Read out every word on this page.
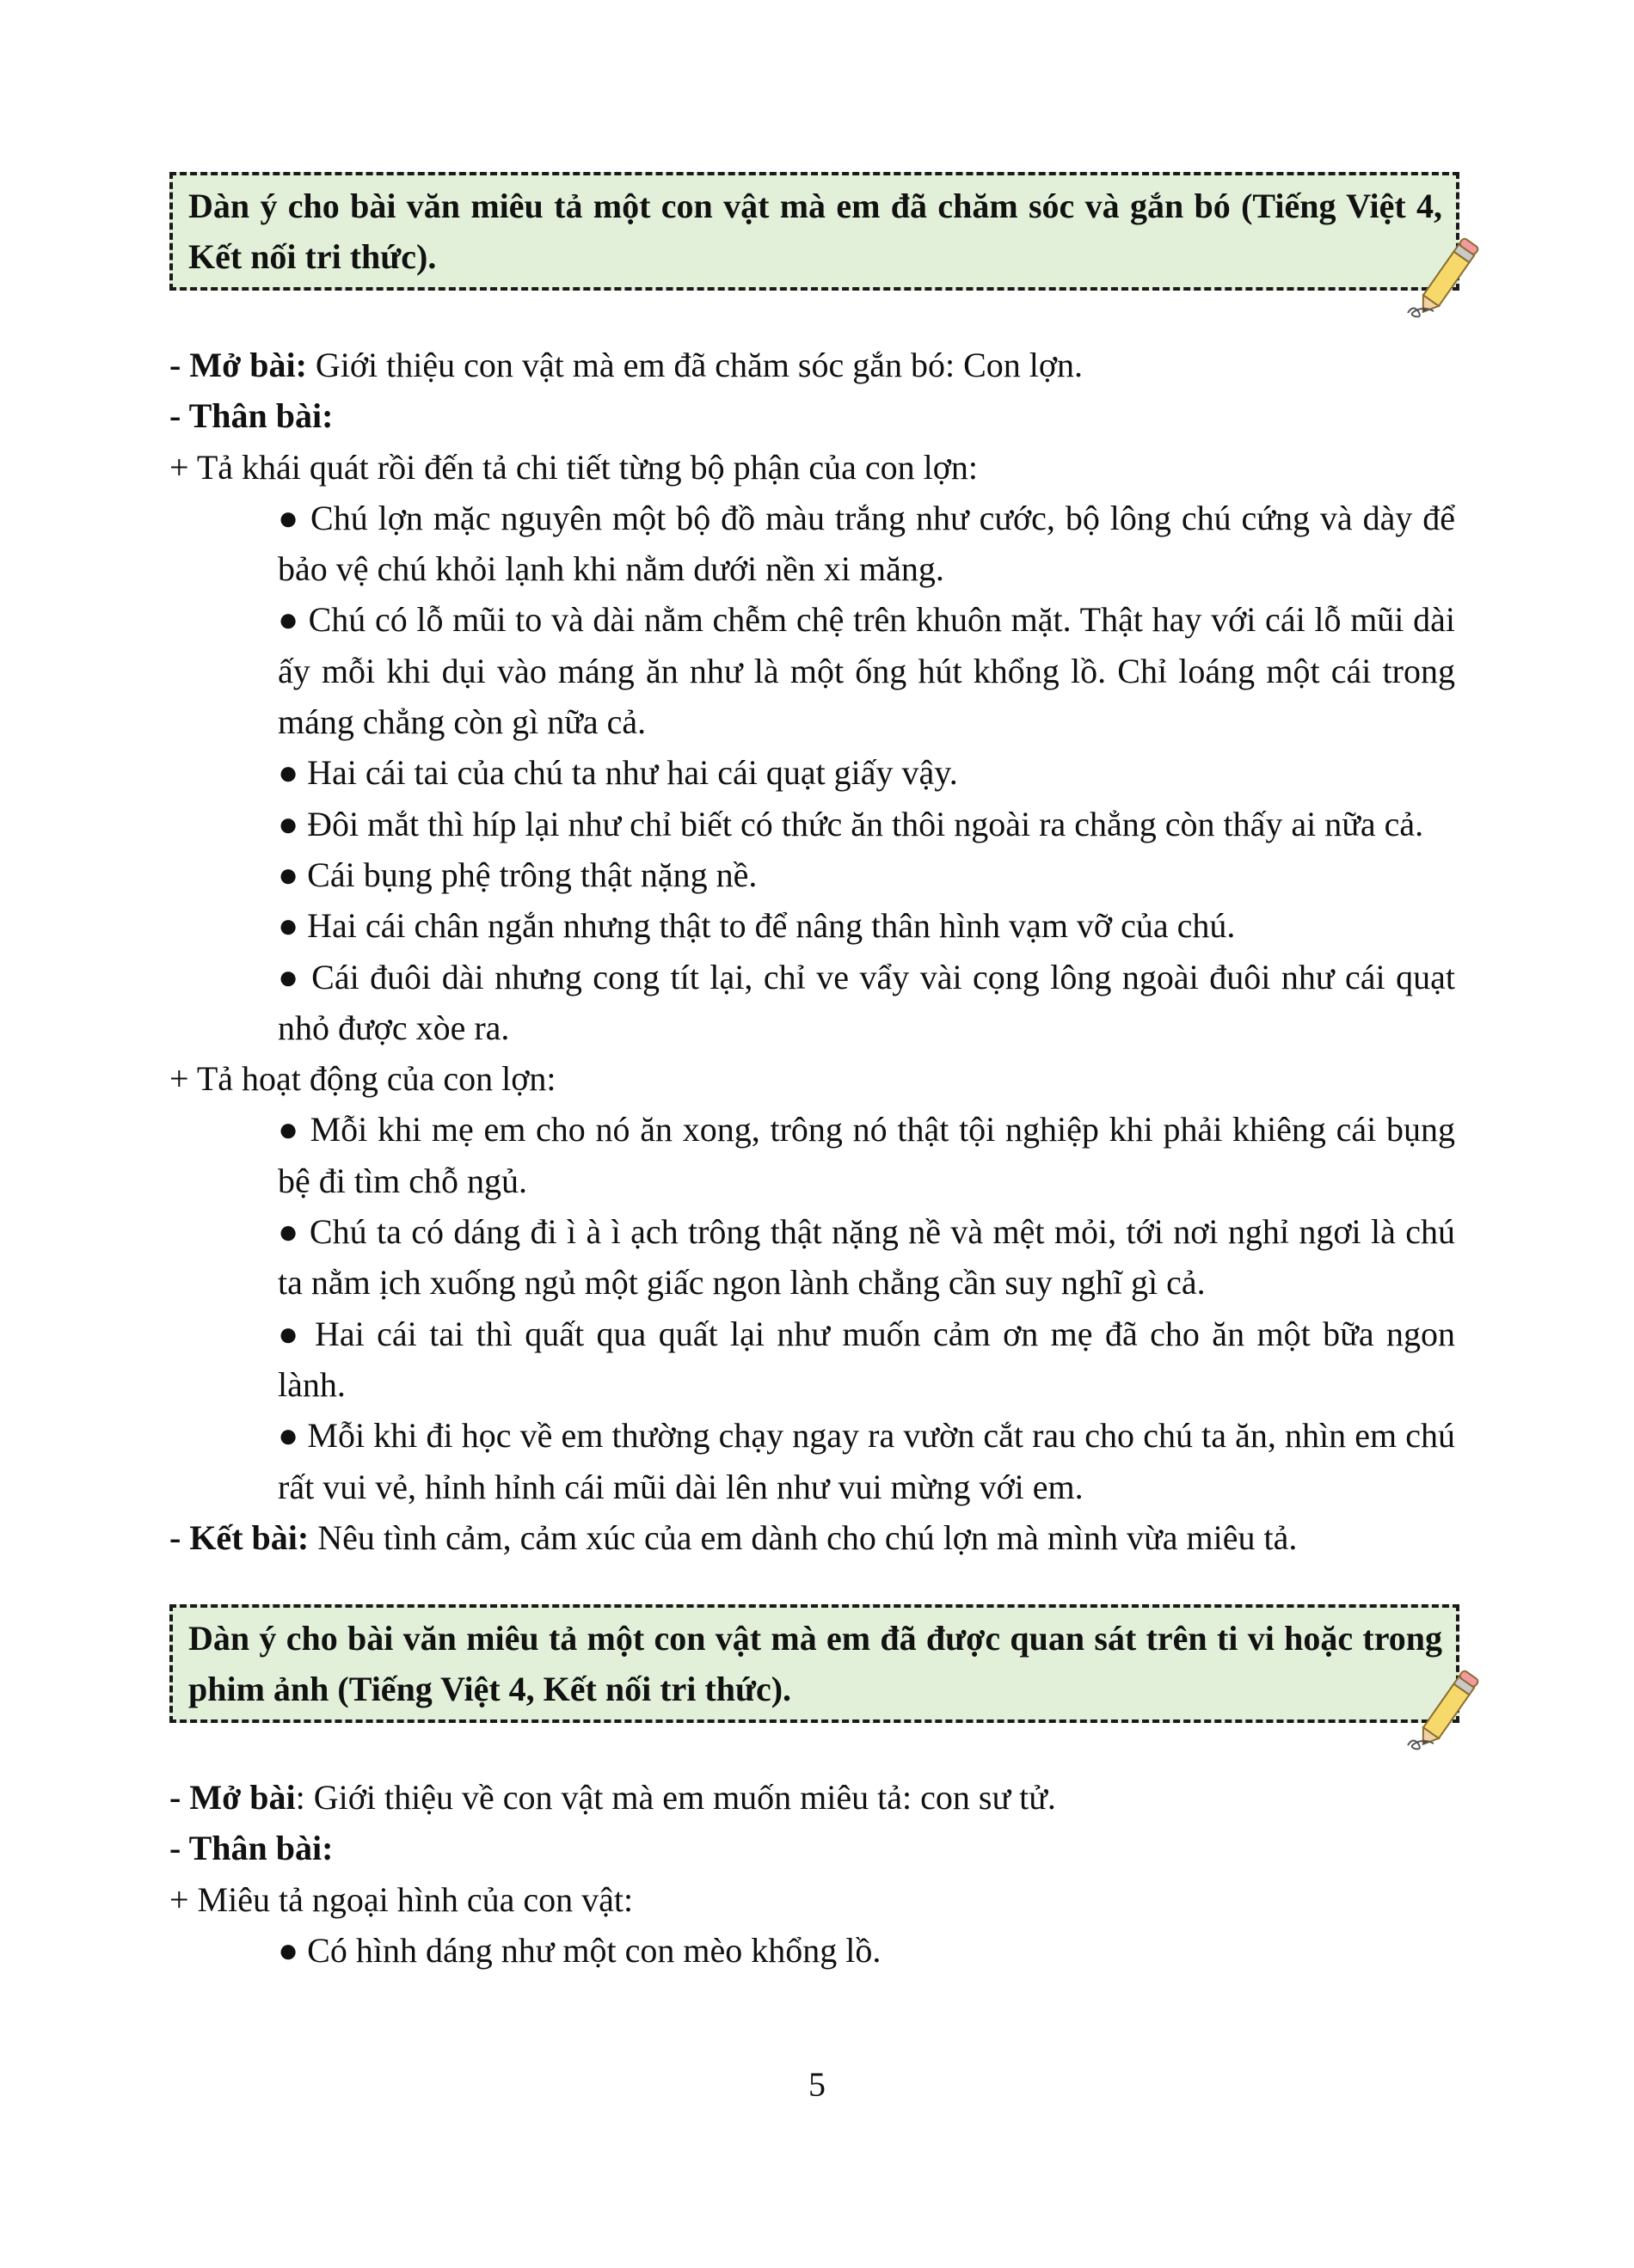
Dàn ý cho bài văn miêu tả một con vật mà em đã chăm sóc và gắn bó (Tiếng Việt 4, Kết nối tri thức).

- Mở bài: Giới thiệu con vật mà em đã chăm sóc gắn bó: Con lợn.

- Thân bài:

+ Tả khái quát rồi đến tả chi tiết từng bộ phận của con lợn:

● Chú lợn mặc nguyên một bộ đồ màu trắng như cước, bộ lông chú cứng và dày để bảo vệ chú khỏi lạnh khi nằm dưới nền xi măng.

● Chú có lỗ mũi to và dài nằm chễm chệ trên khuôn mặt. Thật hay với cái lỗ mũi dài ấy mỗi khi dụi vào máng ăn như là một ống hút khổng lồ. Chỉ loáng một cái trong máng chẳng còn gì nữa cả.

● Hai cái tai của chú ta như hai cái quạt giấy vậy.

● Đôi mắt thì híp lại như chỉ biết có thức ăn thôi ngoài ra chẳng còn thấy ai nữa cả.

● Cái bụng phệ trông thật nặng nề.

● Hai cái chân ngắn nhưng thật to để nâng thân hình vạm vỡ của chú.

● Cái đuôi dài nhưng cong tít lại, chỉ ve vẩy vài cọng lông ngoài đuôi như cái quạt nhỏ được xòe ra.

+ Tả hoạt động của con lợn:

● Mỗi khi mẹ em cho nó ăn xong, trông nó thật tội nghiệp khi phải khiêng cái bụng bệ đi tìm chỗ ngủ.

● Chú ta có dáng đi ì à ì ạch trông thật nặng nề và mệt mỏi, tới nơi nghỉ ngơi là chú ta nằm ịch xuống ngủ một giấc ngon lành chẳng cần suy nghĩ gì cả.

● Hai cái tai thì quất qua quất lại như muốn cảm ơn mẹ đã cho ăn một bữa ngon lành.

● Mỗi khi đi học về em thường chạy ngay ra vườn cắt rau cho chú ta ăn, nhìn em chú rất vui vẻ, hỉnh hỉnh cái mũi dài lên như vui mừng với em.

- Kết bài: Nêu tình cảm, cảm xúc của em dành cho chú lợn mà mình vừa miêu tả.

Dàn ý cho bài văn miêu tả một con vật mà em đã được quan sát trên ti vi hoặc trong phim ảnh (Tiếng Việt 4, Kết nối tri thức).

- Mở bài: Giới thiệu về con vật mà em muốn miêu tả: con sư tử.

- Thân bài:

+ Miêu tả ngoại hình của con vật:

● Có hình dáng như một con mèo khổng lồ.

5
